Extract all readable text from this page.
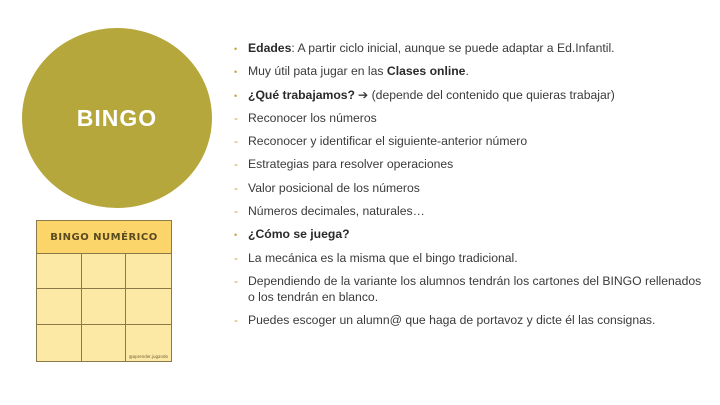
BINGO
BINGO NUMÉRICO
@aprender.jugando
• Edades: A partir ciclo inicial, aunque se puede adaptar a Ed.Infantil.
• Muy útil pata jugar en las Clases online.
• ¿Qué trabajamos? ➔ (depende del contenido que quieras trabajar)
- Reconocer los números
- Reconocer y identificar el siguiente-anterior número
- Estrategias para resolver operaciones
- Valor posicional de los números
- Números decimales, naturales…
• ¿Cómo se juega?
- La mecánica es la misma que el bingo tradicional.
- Dependiendo de la variante los alumnos tendrán los cartones del BINGO rellenados o los tendrán en blanco.
- Puedes escoger un alumn@ que haga de portavoz y dicte él las consignas.
